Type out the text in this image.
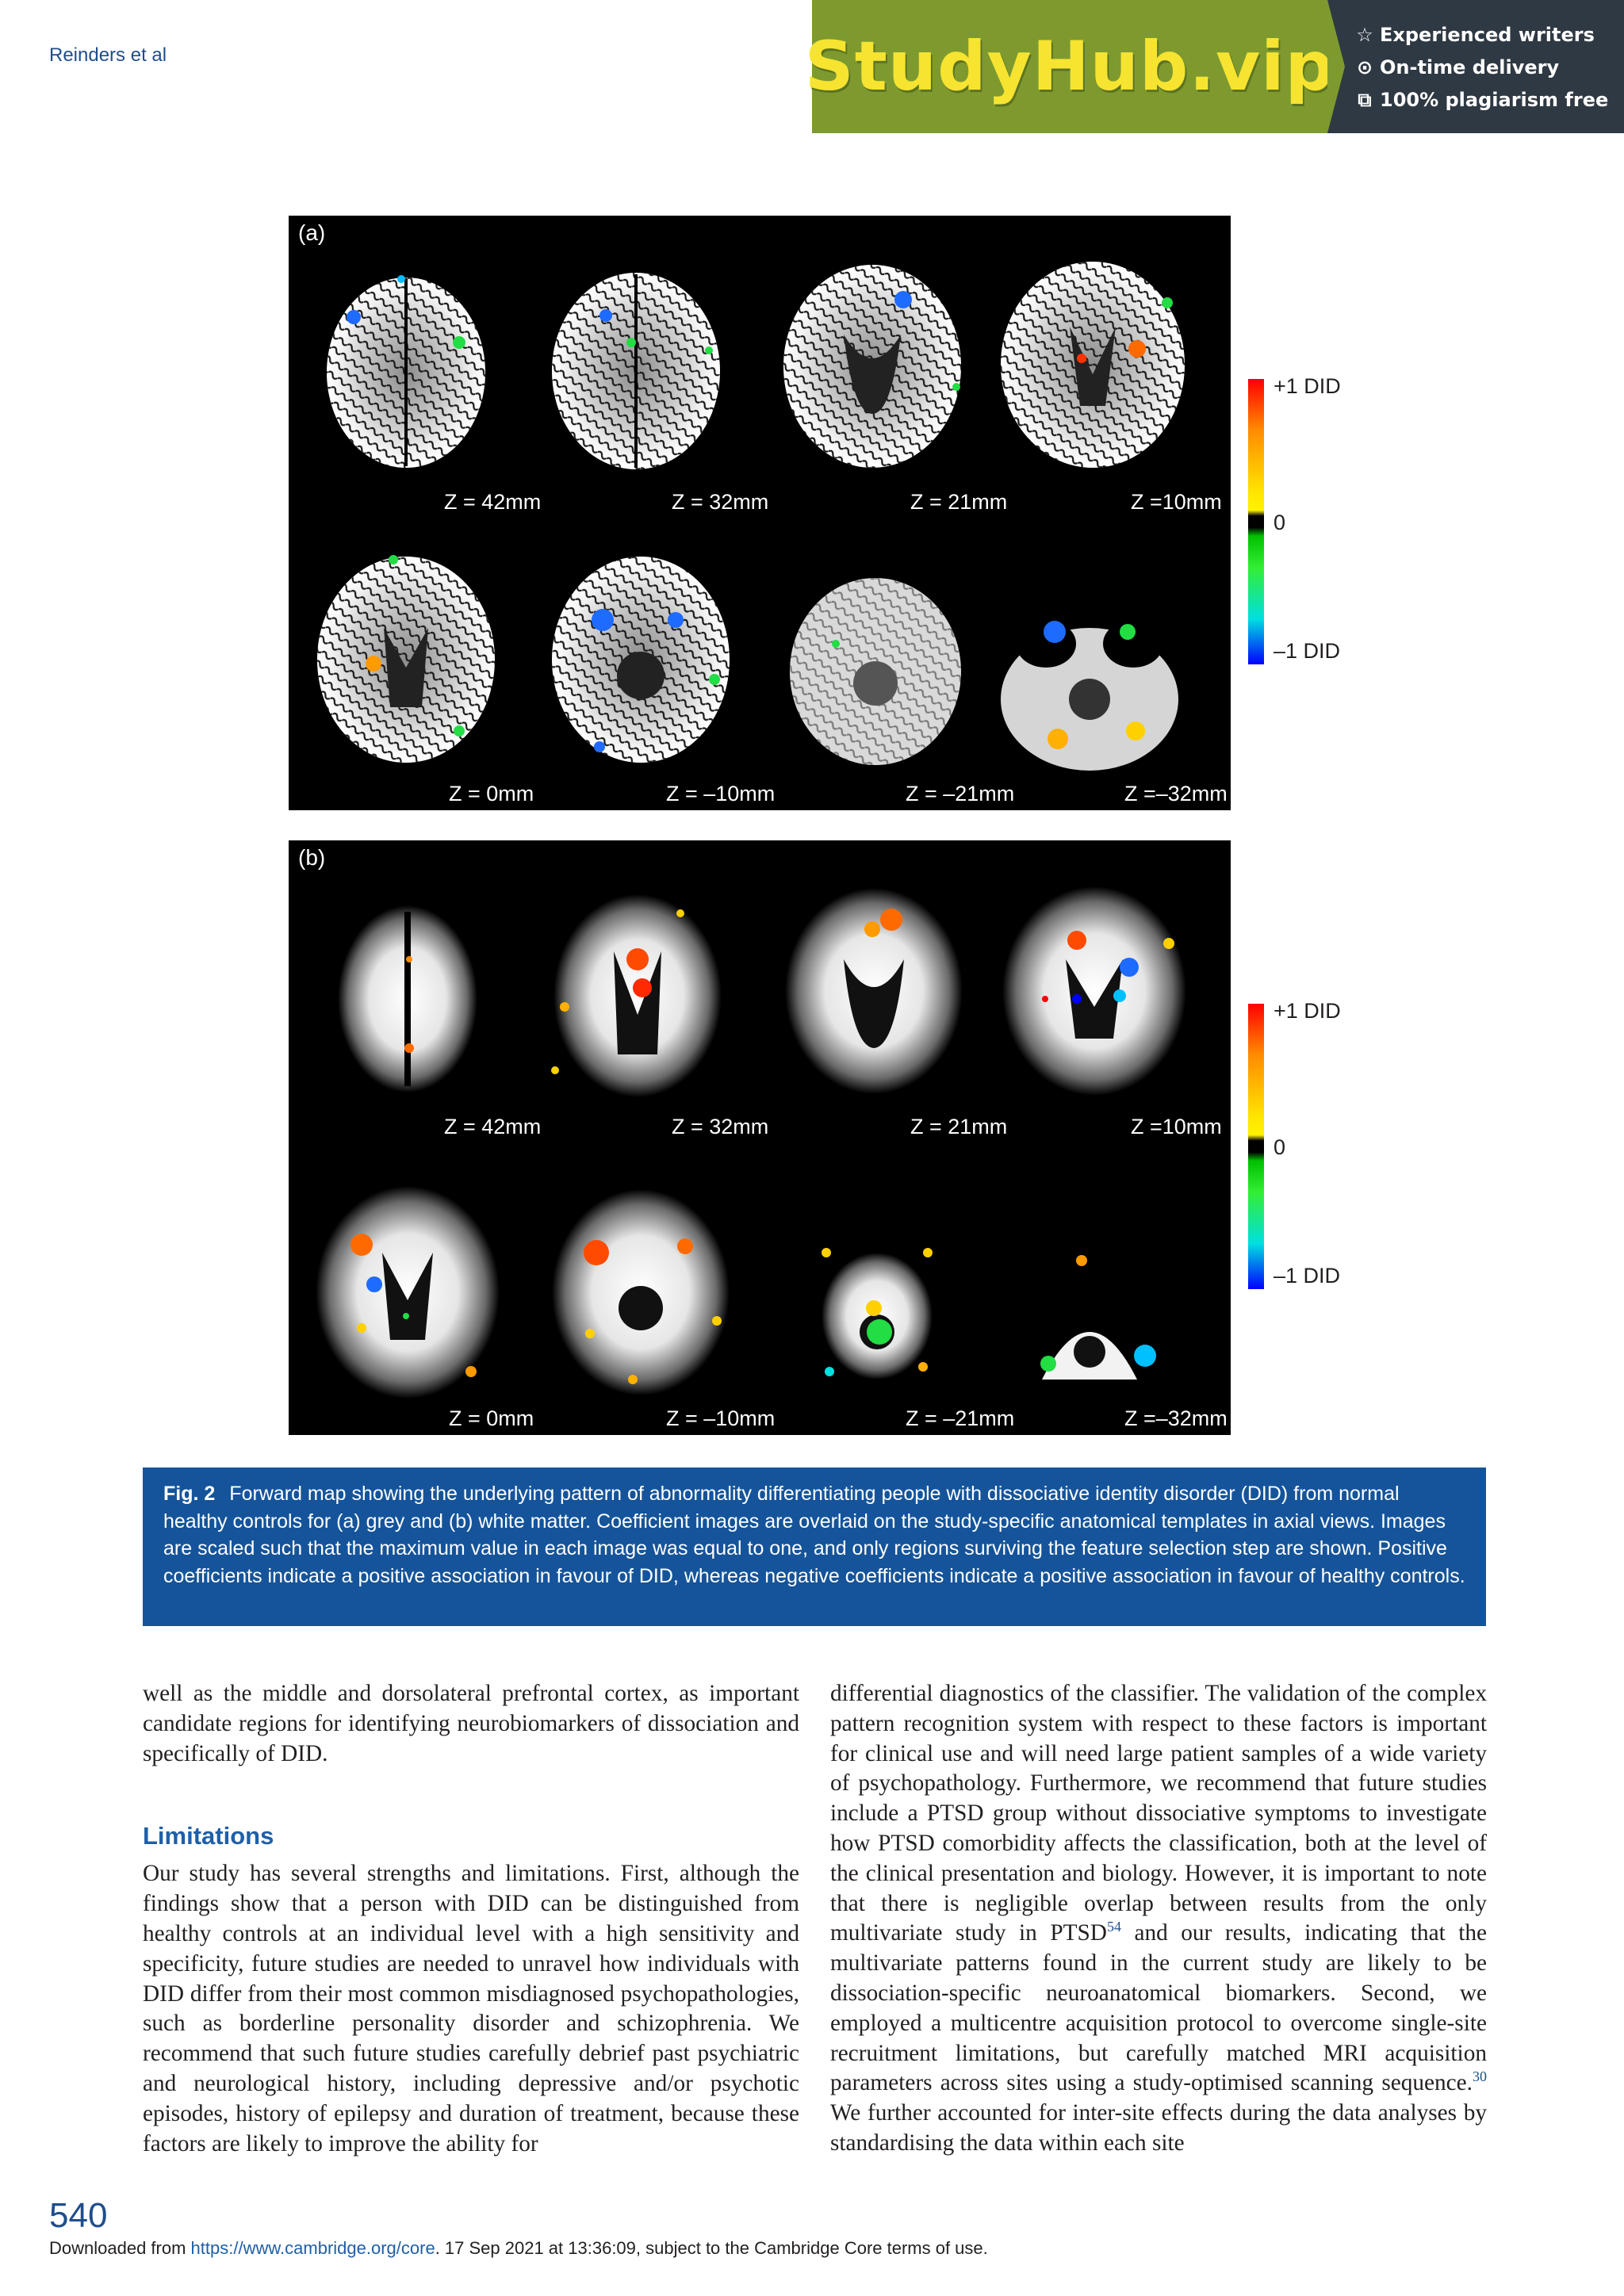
Reinders et al	StudyHub.vip ☆ Experienced writers
⊙ On-time delivery
⧉ 100% plagiarism free
(a)
Z = 42mm	Z = 32mm	Z = 21mm	Z =10mm
Z = 0mm	Z = –10mm	Z = –21mm	Z =–32mm
+1 DID
0
–1 DID
(b)
Z = 42mm	Z = 32mm	Z = 21mm	Z =10mm
Z = 0mm	Z = –10mm	Z = –21mm	Z =–32mm
+1 DID
0
–1 DID
Fig. 2 Forward map showing the underlying pattern of abnormality differentiating people with dissociative identity disorder (DID) from normal healthy controls for (a) grey and (b) white matter. Coefficient images are overlaid on the study-specific anatomical templates in axial views. Images are scaled such that the maximum value in each image was equal to one, and only regions surviving the feature selection step are shown. Positive coefficients indicate a positive association in favour of DID, whereas negative coefficients indicate a positive association in favour of healthy controls.

well as the middle and dorsolateral prefrontal cortex, as important candidate regions for identifying neurobiomarkers of dissociation and specifically of DID.

Limitations

Our study has several strengths and limitations. First, although the findings show that a person with DID can be distinguished from healthy controls at an individual level with a high sensitivity and specificity, future studies are needed to unravel how individuals with DID differ from their most common misdiagnosed psychopathologies, such as borderline personality disorder and schizophrenia. We recommend that such future studies carefully debrief past psychiatric and neurological history, including depressive and/or psychotic episodes, history of epilepsy and duration of treatment, because these factors are likely to improve the ability for

differential diagnostics of the classifier. The validation of the complex pattern recognition system with respect to these factors is important for clinical use and will need large patient samples of a wide variety of psychopathology. Furthermore, we recommend that future studies include a PTSD group without dissociative symptoms to investigate how PTSD comorbidity affects the classification, both at the level of the clinical presentation and biology. However, it is important to note that there is negligible overlap between results from the only multivariate study in PTSD$^{54}$ and our results, indicating that the multivariate patterns found in the current study are likely to be dissociation-specific neuroanatomical biomarkers. Second, we employed a multicentre acquisition protocol to overcome single-site recruitment limitations, but carefully matched MRI acquisition parameters across sites using a study-optimised scanning sequence.$^{30}$ We further accounted for inter-site effects during the data analyses by standardising the data within each site

540
Downloaded from https://www.cambridge.org/core. 17 Sep 2021 at 13:36:09, subject to the Cambridge Core terms of use.
